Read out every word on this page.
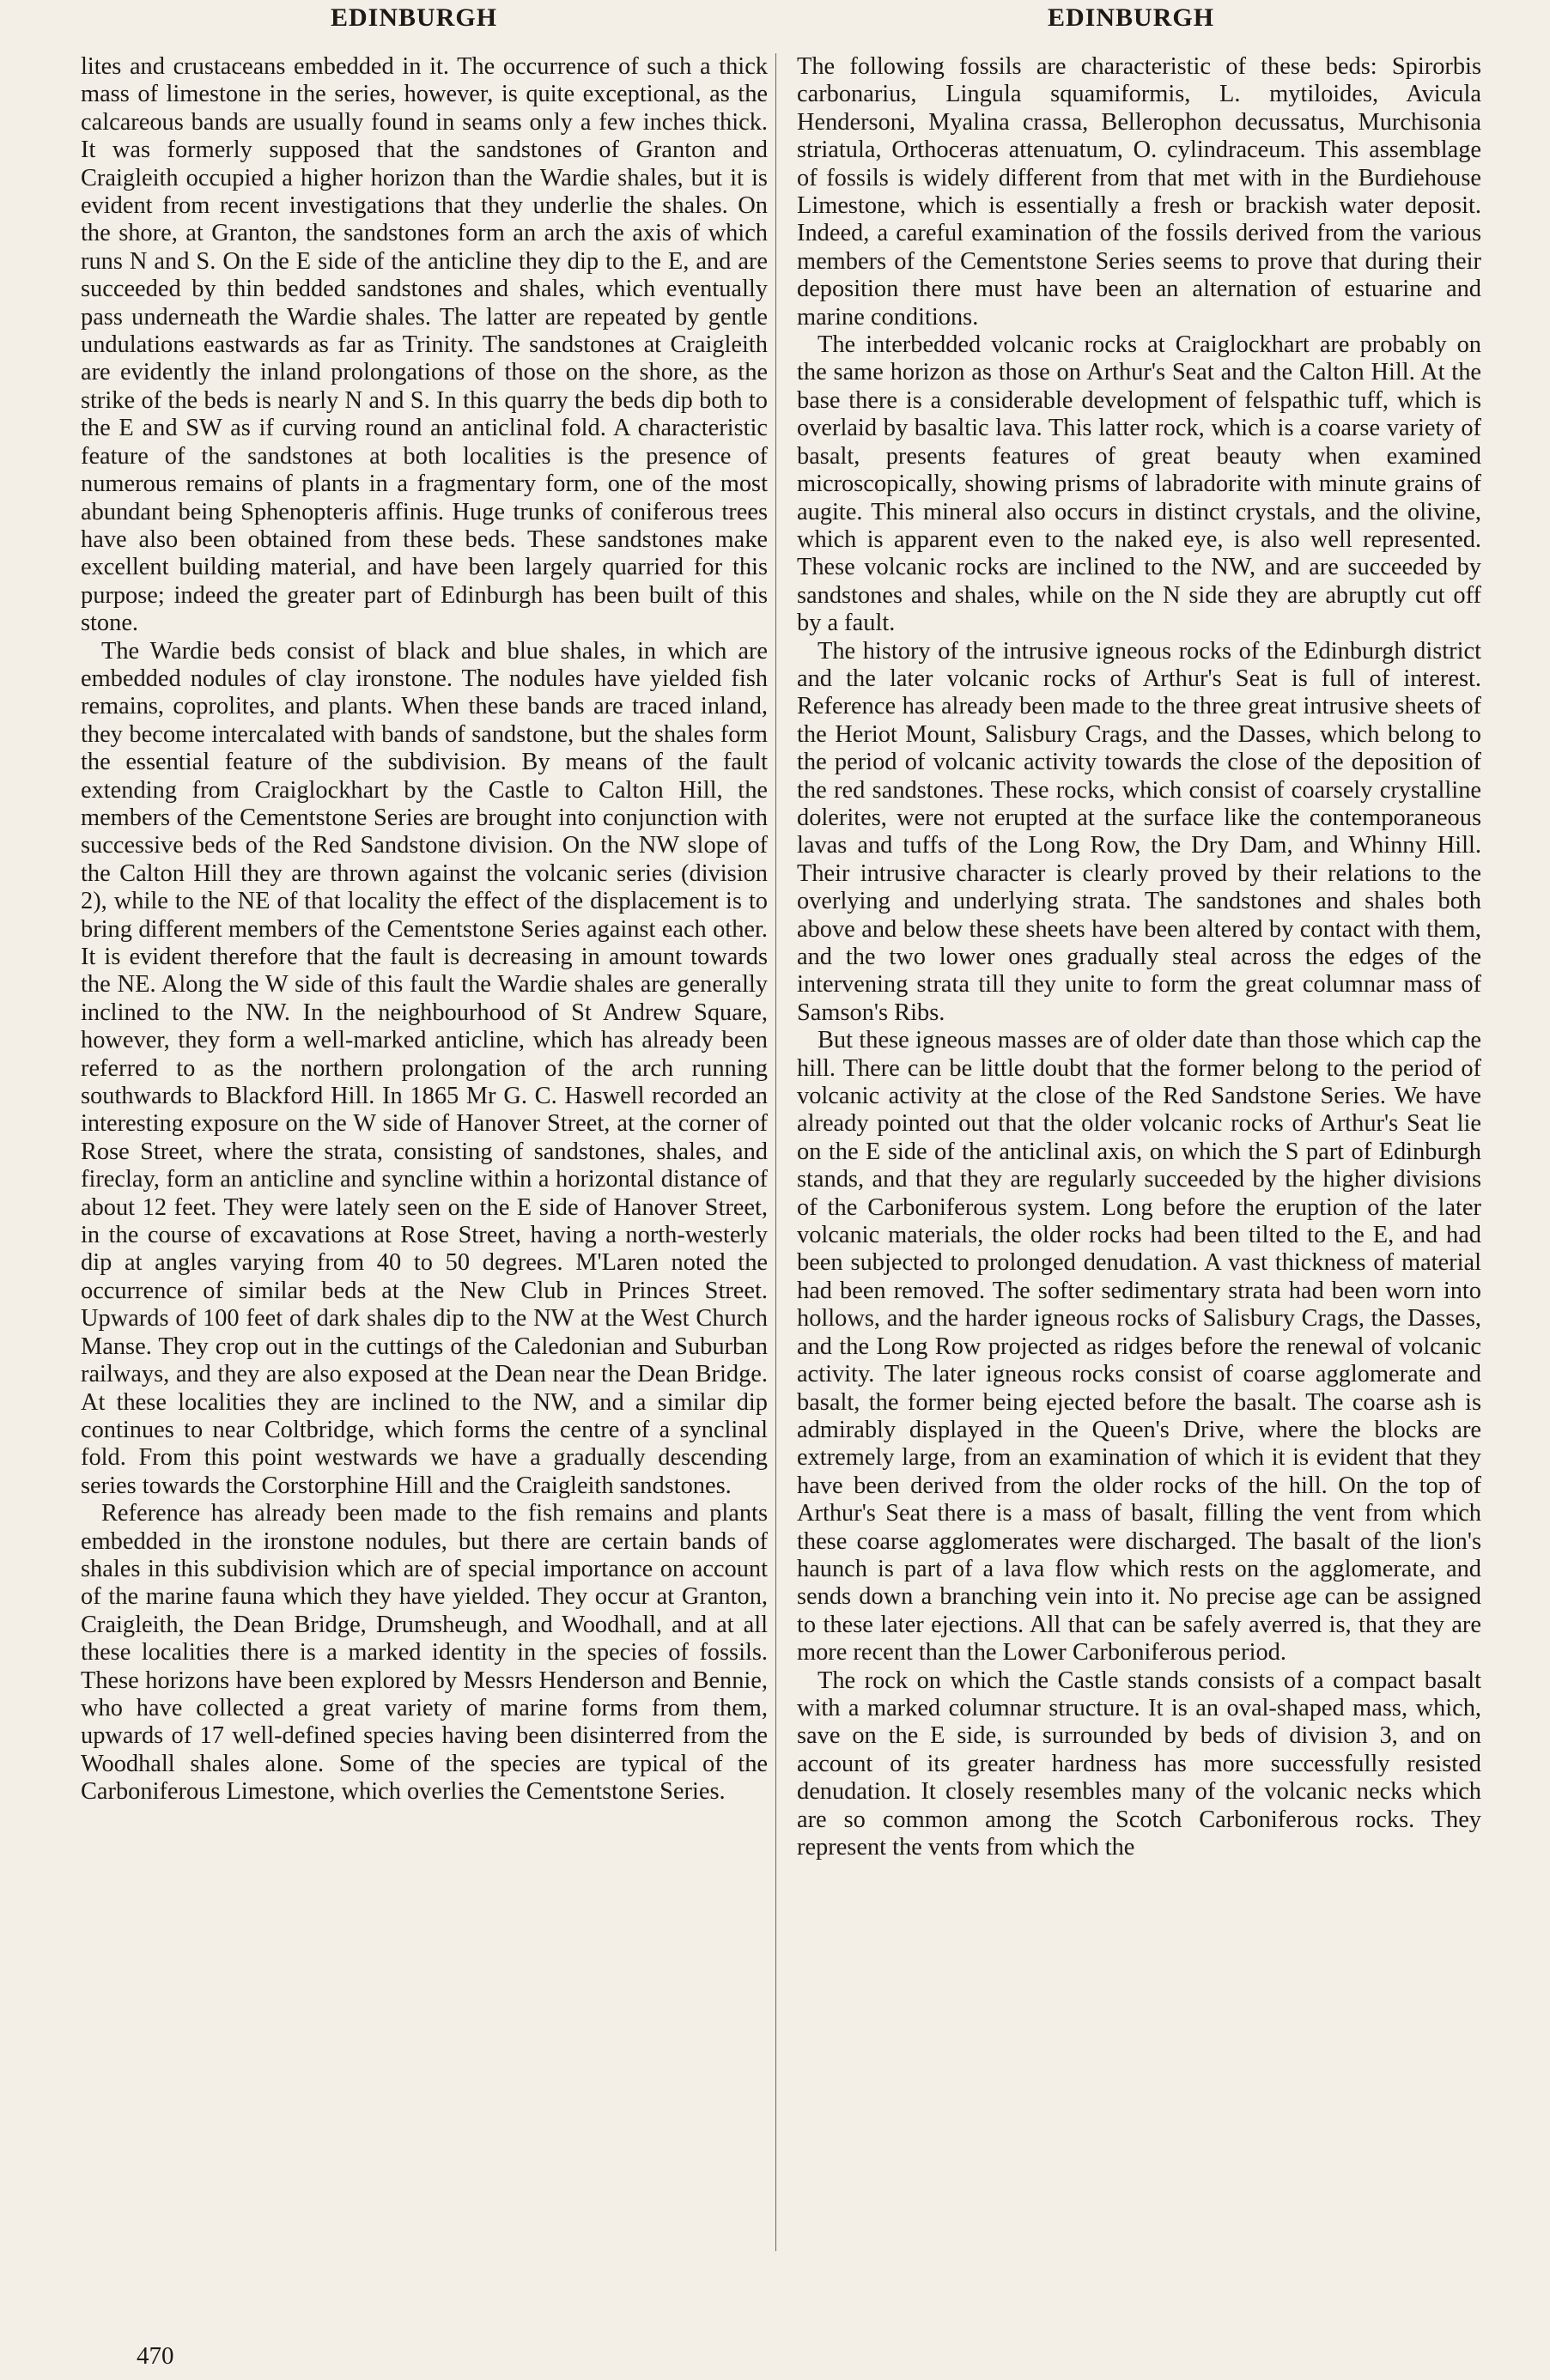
EDINBURGH	EDINBURGH

lites and crustaceans embedded in it. The occurrence of such a thick mass of limestone in the series, however, is quite exceptional, as the calcareous bands are usually found in seams only a few inches thick. It was formerly supposed that the sandstones of Granton and Craigleith occupied a higher horizon than the Wardie shales, but it is evident from recent investigations that they underlie the shales. On the shore, at Granton, the sandstones form an arch the axis of which runs N and S. On the E side of the anticline they dip to the E, and are succeeded by thin bedded sandstones and shales, which eventually pass underneath the Wardie shales. The latter are repeated by gentle undulations eastwards as far as Trinity. The sandstones at Craigleith are evidently the inland prolongations of those on the shore, as the strike of the beds is nearly N and S. In this quarry the beds dip both to the E and SW as if curving round an anticlinal fold. A characteristic feature of the sandstones at both localities is the presence of numerous remains of plants in a fragmentary form, one of the most abundant being Sphenopteris affinis. Huge trunks of coniferous trees have also been obtained from these beds. These sandstones make excellent building material, and have been largely quarried for this purpose; indeed the greater part of Edinburgh has been built of this stone.

The Wardie beds consist of black and blue shales, in which are embedded nodules of clay ironstone. The nodules have yielded fish remains, coprolites, and plants. When these bands are traced inland, they become intercalated with bands of sandstone, but the shales form the essential feature of the subdivision. By means of the fault extending from Craiglockhart by the Castle to Calton Hill, the members of the Cementstone Series are brought into conjunction with successive beds of the Red Sandstone division. On the NW slope of the Calton Hill they are thrown against the volcanic series (division 2), while to the NE of that locality the effect of the displacement is to bring different members of the Cementstone Series against each other. It is evident therefore that the fault is decreasing in amount towards the NE. Along the W side of this fault the Wardie shales are generally inclined to the NW. In the neighbourhood of St Andrew Square, however, they form a well-marked anticline, which has already been referred to as the northern prolongation of the arch running southwards to Blackford Hill. In 1865 Mr G. C. Haswell recorded an interesting exposure on the W side of Hanover Street, at the corner of Rose Street, where the strata, consisting of sandstones, shales, and fireclay, form an anticline and syncline within a horizontal distance of about 12 feet. They were lately seen on the E side of Hanover Street, in the course of excavations at Rose Street, having a north-westerly dip at angles varying from 40 to 50 degrees. M'Laren noted the occurrence of similar beds at the New Club in Princes Street. Upwards of 100 feet of dark shales dip to the NW at the West Church Manse. They crop out in the cuttings of the Caledonian and Suburban railways, and they are also exposed at the Dean near the Dean Bridge. At these localities they are inclined to the NW, and a similar dip continues to near Coltbridge, which forms the centre of a synclinal fold. From this point westwards we have a gradually descending series towards the Corstorphine Hill and the Craigleith sandstones.

Reference has already been made to the fish remains and plants embedded in the ironstone nodules, but there are certain bands of shales in this subdivision which are of special importance on account of the marine fauna which they have yielded. They occur at Granton, Craigleith, the Dean Bridge, Drumsheugh, and Woodhall, and at all these localities there is a marked identity in the species of fossils. These horizons have been explored by Messrs Henderson and Bennie, who have collected a great variety of marine forms from them, upwards of 17 well-defined species having been disinterred from the Woodhall shales alone. Some of the species are typical of the Carboniferous Limestone, which overlies the Cementstone Series.

The following fossils are characteristic of these beds: Spirorbis carbonarius, Lingula squamiformis, L. mytiloides, Avicula Hendersoni, Myalina crassa, Bellerophon decussatus, Murchisonia striatula, Orthoceras attenuatum, O. cylindraceum. This assemblage of fossils is widely different from that met with in the Burdiehouse Limestone, which is essentially a fresh or brackish water deposit. Indeed, a careful examination of the fossils derived from the various members of the Cementstone Series seems to prove that during their deposition there must have been an alternation of estuarine and marine conditions.

The interbedded volcanic rocks at Craiglockhart are probably on the same horizon as those on Arthur's Seat and the Calton Hill. At the base there is a considerable development of felspathic tuff, which is overlaid by basaltic lava. This latter rock, which is a coarse variety of basalt, presents features of great beauty when examined microscopically, showing prisms of labradorite with minute grains of augite. This mineral also occurs in distinct crystals, and the olivine, which is apparent even to the naked eye, is also well represented. These volcanic rocks are inclined to the NW, and are succeeded by sandstones and shales, while on the N side they are abruptly cut off by a fault.

The history of the intrusive igneous rocks of the Edinburgh district and the later volcanic rocks of Arthur's Seat is full of interest. Reference has already been made to the three great intrusive sheets of the Heriot Mount, Salisbury Crags, and the Dasses, which belong to the period of volcanic activity towards the close of the deposition of the red sandstones. These rocks, which consist of coarsely crystalline dolerites, were not erupted at the surface like the contemporaneous lavas and tuffs of the Long Row, the Dry Dam, and Whinny Hill. Their intrusive character is clearly proved by their relations to the overlying and underlying strata. The sandstones and shales both above and below these sheets have been altered by contact with them, and the two lower ones gradually steal across the edges of the intervening strata till they unite to form the great columnar mass of Samson's Ribs.

But these igneous masses are of older date than those which cap the hill. There can be little doubt that the former belong to the period of volcanic activity at the close of the Red Sandstone Series. We have already pointed out that the older volcanic rocks of Arthur's Seat lie on the E side of the anticlinal axis, on which the S part of Edinburgh stands, and that they are regularly succeeded by the higher divisions of the Carboniferous system. Long before the eruption of the later volcanic materials, the older rocks had been tilted to the E, and had been subjected to prolonged denudation. A vast thickness of material had been removed. The softer sedimentary strata had been worn into hollows, and the harder igneous rocks of Salisbury Crags, the Dasses, and the Long Row projected as ridges before the renewal of volcanic activity. The later igneous rocks consist of coarse agglomerate and basalt, the former being ejected before the basalt. The coarse ash is admirably displayed in the Queen's Drive, where the blocks are extremely large, from an examination of which it is evident that they have been derived from the older rocks of the hill. On the top of Arthur's Seat there is a mass of basalt, filling the vent from which these coarse agglomerates were discharged. The basalt of the lion's haunch is part of a lava flow which rests on the agglomerate, and sends down a branching vein into it. No precise age can be assigned to these later ejections. All that can be safely averred is, that they are more recent than the Lower Carboniferous period.

The rock on which the Castle stands consists of a compact basalt with a marked columnar structure. It is an oval-shaped mass, which, save on the E side, is surrounded by beds of division 3, and on account of its greater hardness has more successfully resisted denudation. It closely resembles many of the volcanic necks which are so common among the Scotch Carboniferous rocks. They represent the vents from which the

470
